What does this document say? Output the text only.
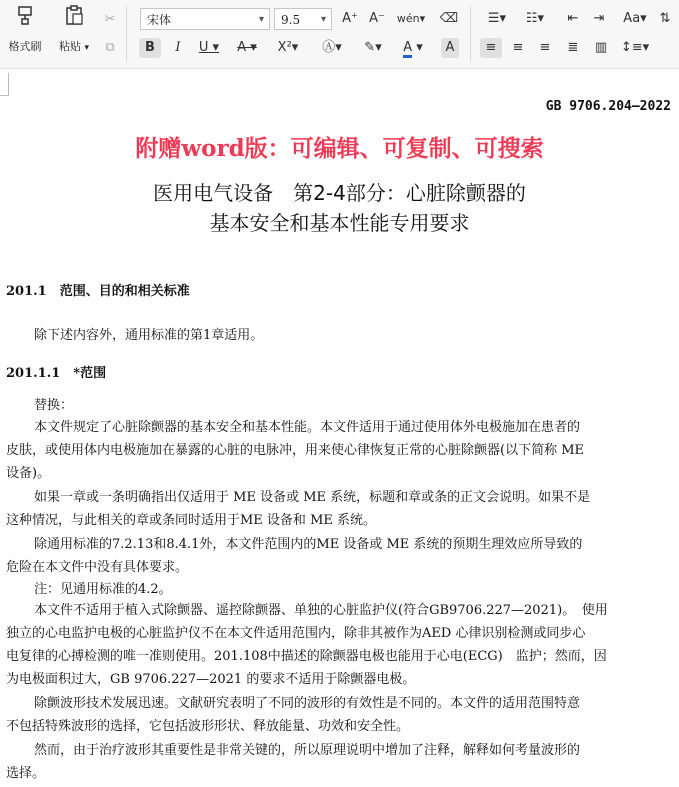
格式刷	粘贴 ▾
✂
⧉
宋体	▾	9.5 ▾ A⁺ A⁻ wén▾ ⌫
B	I	U ▾	A ▾	X²▾	Ⓐ▾	✎▾	A ▾	A
☰▾	☷▾	⇤	⇥	Aa▾ ⇅
≡	≡	≡	≣	▥	↕≡▾
GB 9706.204—2022
附赠word版：可编辑、可复制、可搜索
医用电气设备　第2-4部分：心脏除颤器的
基本安全和基本性能专用要求
201.1　范围、目的和相关标准
除下述内容外，通用标准的第1章适用。
201.1.1　*范围
替换：
本文件规定了心脏除颤器的基本安全和基本性能。本文件适用于通过使用体外电极施加在患者的
皮肤，或使用体内电极施加在暴露的心脏的电脉冲，用来使心律恢复正常的心脏除颤器(以下简称 ME
设备)。
如果一章或一条明确指出仅适用于 ME 设备或 ME 系统，标题和章或条的正文会说明。如果不是
这种情况，与此相关的章或条同时适用于ME 设备和 ME 系统。
除通用标准的7.2.13和8.4.1外，本文件范围内的ME 设备或 ME 系统的预期生理效应所导致的
危险在本文件中没有具体要求。
注：见通用标准的4.2。
本文件不适用于植入式除颤器、遥控除颤器、单独的心脏监护仪(符合GB9706.227—2021)。　使用
独立的心电监护电极的心脏监护仪不在本文件适用范围内，除非其被作为AED 心律识别检测或同步心
电复律的心搏检测的唯一准则使用。201.108中描述的除颤器电极也能用于心电(ECG)　监护；然而，因
为电极面积过大，GB 9706.227—2021 的要求不适用于除颤器电极。
除颤波形技术发展迅速。文献研究表明了不同的波形的有效性是不同的。本文件的适用范围特意
不包括特殊波形的选择，它包括波形形状、释放能量、功效和安全性。
然而，由于治疗波形其重要性是非常关键的，所以原理说明中增加了注释，解释如何考量波形的
选择。
